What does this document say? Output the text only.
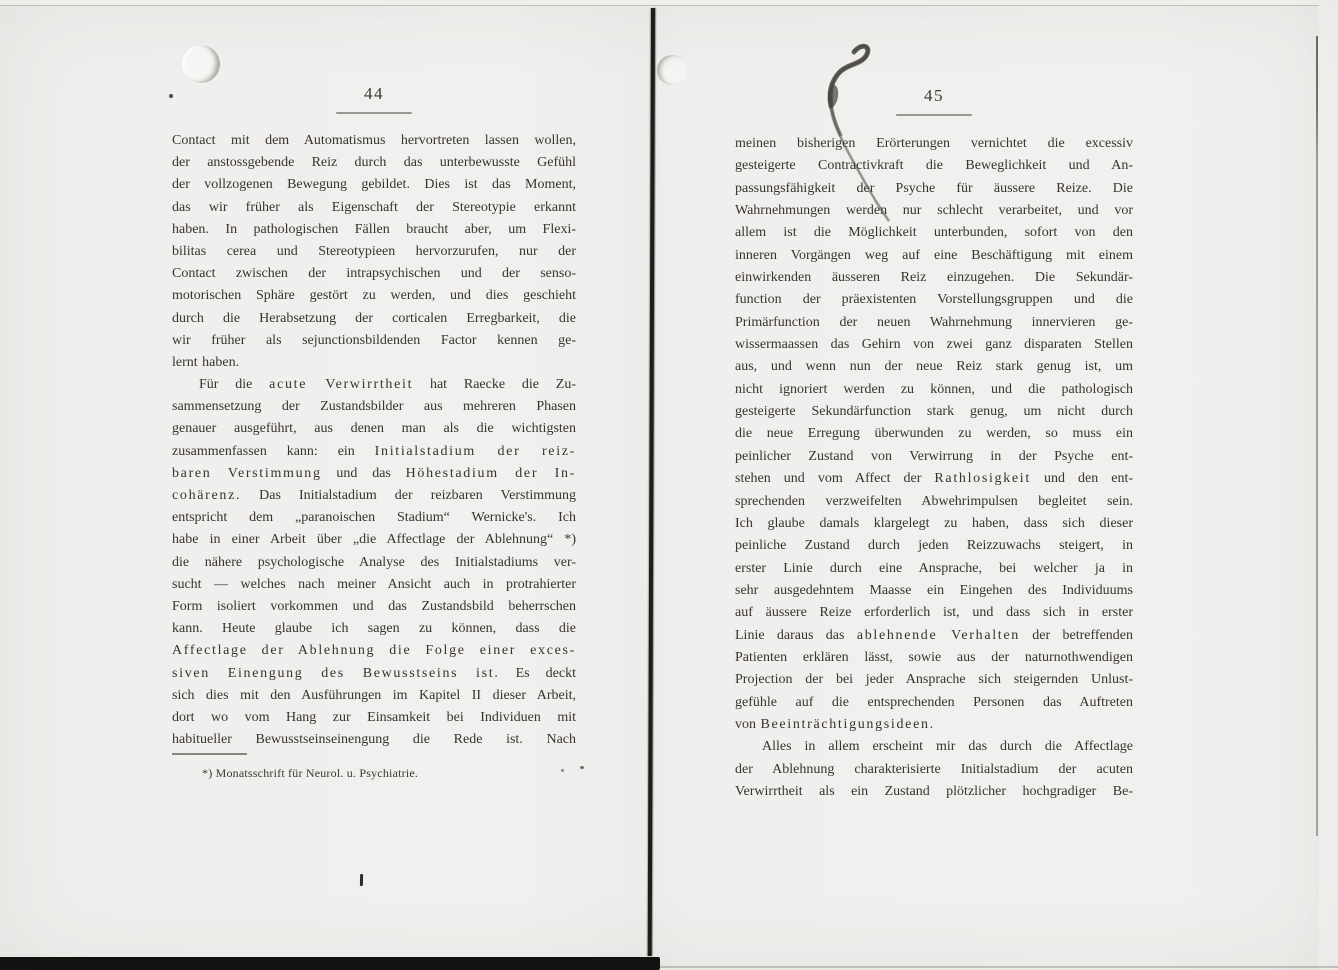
44
Contact mit dem Automatismus hervortreten lassen wollen,
der anstossgebende Reiz durch das unterbewusste Gefühl
der vollzogenen Bewegung gebildet. Dies ist das Moment,
das wir früher als Eigenschaft der Stereotypie erkannt
haben. In pathologischen Fällen braucht aber, um Flexi-
bilitas cerea und Stereotypieen hervorzurufen, nur der
Contact zwischen der intrapsychischen und der senso-
motorischen Sphäre gestört zu werden, und dies geschieht
durch die Herabsetzung der corticalen Erregbarkeit, die
wir früher als sejunctionsbildenden Factor kennen ge-
lernt haben.
Für die acute Verwirrtheit hat Raecke die Zu-
sammensetzung der Zustandsbilder aus mehreren Phasen
genauer ausgeführt, aus denen man als die wichtigsten
zusammenfassen kann: ein Initialstadium der reiz-
baren Verstimmung und das Höhestadium der In-
cohärenz. Das Initialstadium der reizbaren Verstimmung
entspricht dem „paranoischen Stadium“ Wernicke's. Ich
habe in einer Arbeit über „die Affectlage der Ablehnung“ *)
die nähere psychologische Analyse des Initialstadiums ver-
sucht — welches nach meiner Ansicht auch in protrahierter
Form isoliert vorkommen und das Zustandsbild beherrschen
kann. Heute glaube ich sagen zu können, dass die
Affectlage der Ablehnung die Folge einer exces-
siven Einengung des Bewusstseins ist. Es deckt
sich dies mit den Ausführungen im Kapitel II dieser Arbeit,
dort wo vom Hang zur Einsamkeit bei Individuen mit
habitueller Bewusstseinseinengung die Rede ist. Nach
*) Monatsschrift für Neurol. u. Psychiatrie.
45
meinen bisherigen Erörterungen vernichtet die excessiv
gesteigerte Contractivkraft die Beweglichkeit und An-
passungsfähigkeit der Psyche für äussere Reize. Die
Wahrnehmungen werden nur schlecht verarbeitet, und vor
allem ist die Möglichkeit unterbunden, sofort von den
inneren Vorgängen weg auf eine Beschäftigung mit einem
einwirkenden äusseren Reiz einzugehen. Die Sekundär-
function der präexistenten Vorstellungsgruppen und die
Primärfunction der neuen Wahrnehmung innervieren ge-
wissermaassen das Gehirn von zwei ganz disparaten Stellen
aus, und wenn nun der neue Reiz stark genug ist, um
nicht ignoriert werden zu können, und die pathologisch
gesteigerte Sekundärfunction stark genug, um nicht durch
die neue Erregung überwunden zu werden, so muss ein
peinlicher Zustand von Verwirrung in der Psyche ent-
stehen und vom Affect der Rathlosigkeit und den ent-
sprechenden verzweifelten Abwehrimpulsen begleitet sein.
Ich glaube damals klargelegt zu haben, dass sich dieser
peinliche Zustand durch jeden Reizzuwachs steigert, in
erster Linie durch eine Ansprache, bei welcher ja in
sehr ausgedehntem Maasse ein Eingehen des Individuums
auf äussere Reize erforderlich ist, und dass sich in erster
Linie daraus das ablehnende Verhalten der betreffenden
Patienten erklären lässt, sowie aus der naturnothwendigen
Projection der bei jeder Ansprache sich steigernden Unlust-
gefühle auf die entsprechenden Personen das Auftreten
von Beeinträchtigungsideen.
Alles in allem erscheint mir das durch die Affectlage
der Ablehnung charakterisierte Initialstadium der acuten
Verwirrtheit als ein Zustand plötzlicher hochgradiger Be-
